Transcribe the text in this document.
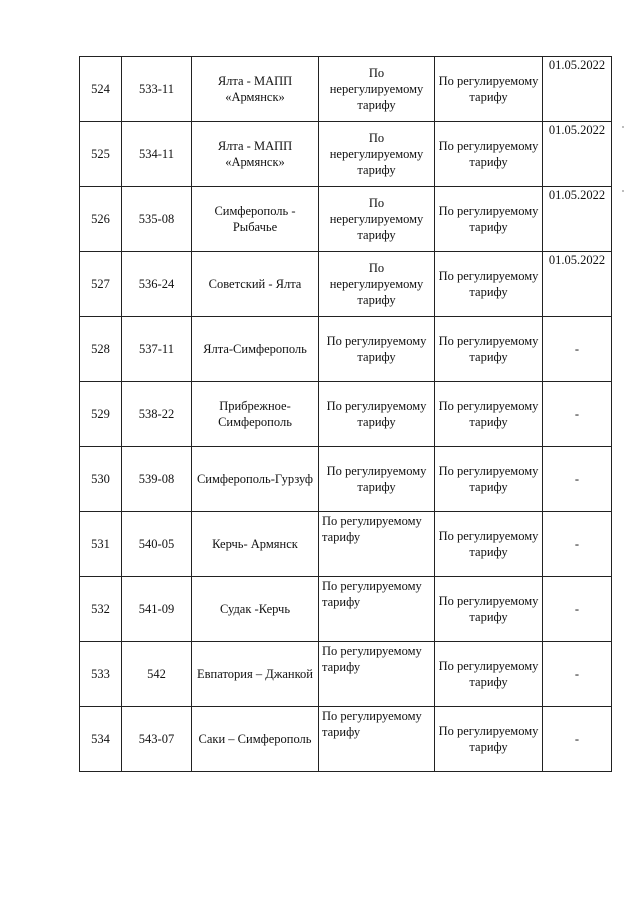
524	533-11	Ялта - МАПП «Армянск»	По нерегулируемому тарифу	По регулируемому тарифу	01.05.2022
525	534-11	Ялта - МАПП «Армянск»	По нерегулируемому тарифу	По регулируемому тарифу	01.05.2022
526	535-08	Симферополь - Рыбачье	По нерегулируемому тарифу	По регулируемому тарифу	01.05.2022
527	536-24	Советский - Ялта	По нерегулируемому тарифу	По регулируемому тарифу	01.05.2022
528	537-11	Ялта-Симферополь	По регулируемому тарифу	По регулируемому тарифу	-
529	538-22	Прибрежное-Симферополь	По регулируемому тарифу	По регулируемому тарифу	-
530	539-08	Симферополь-Гурзуф	По регулируемому тарифу	По регулируемому тарифу	-
531	540-05	Керчь- Армянск	По регулируемому тарифу	По регулируемому тарифу	-
532	541-09	Судак -Керчь	По регулируемому тарифу	По регулируемому тарифу	-
533	542	Евпатория – Джанкой	По регулируемому тарифу	По регулируемому тарифу	-
534	543-07	Саки – Симферополь	По регулируемому тарифу	По регулируемому тарифу	-
